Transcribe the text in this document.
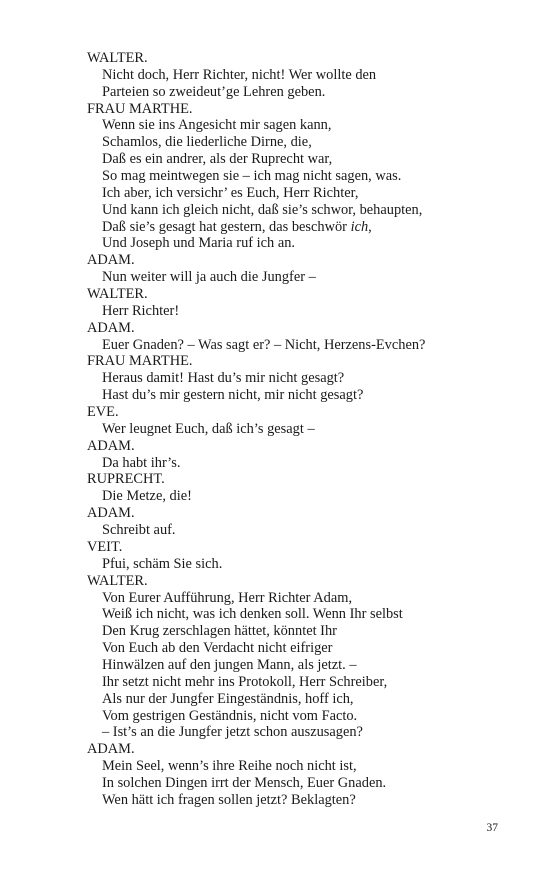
WALTER.
Nicht doch, Herr Richter, nicht! Wer wollte den
Parteien so zweideut’ge Lehren geben.
FRAU MARTHE.
Wenn sie ins Angesicht mir sagen kann,
Schamlos, die liederliche Dirne, die,
Daß es ein andrer, als der Ruprecht war,
So mag meintwegen sie – ich mag nicht sagen, was.
Ich aber, ich versichr’ es Euch, Herr Richter,
Und kann ich gleich nicht, daß sie’s schwor, behaupten,
Daß sie’s gesagt hat gestern, das beschwör ich,
Und Joseph und Maria ruf ich an.
ADAM.
Nun weiter will ja auch die Jungfer –
WALTER.
Herr Richter!
ADAM.
Euer Gnaden? – Was sagt er? – Nicht, Herzens-Evchen?
FRAU MARTHE.
Heraus damit! Hast du’s mir nicht gesagt?
Hast du’s mir gestern nicht, mir nicht gesagt?
EVE.
Wer leugnet Euch, daß ich’s gesagt –
ADAM.
Da habt ihr’s.
RUPRECHT.
Die Metze, die!
ADAM.
Schreibt auf.
VEIT.
Pfui, schäm Sie sich.
WALTER.
Von Eurer Aufführung, Herr Richter Adam,
Weiß ich nicht, was ich denken soll. Wenn Ihr selbst
Den Krug zerschlagen hättet, könntet Ihr
Von Euch ab den Verdacht nicht eifriger
Hinwälzen auf den jungen Mann, als jetzt. –
Ihr setzt nicht mehr ins Protokoll, Herr Schreiber,
Als nur der Jungfer Eingeständnis, hoff ich,
Vom gestrigen Geständnis, nicht vom Facto.
– Ist’s an die Jungfer jetzt schon auszusagen?
ADAM.
Mein Seel, wenn’s ihre Reihe noch nicht ist,
In solchen Dingen irrt der Mensch, Euer Gnaden.
Wen hätt ich fragen sollen jetzt? Beklagten?
37
